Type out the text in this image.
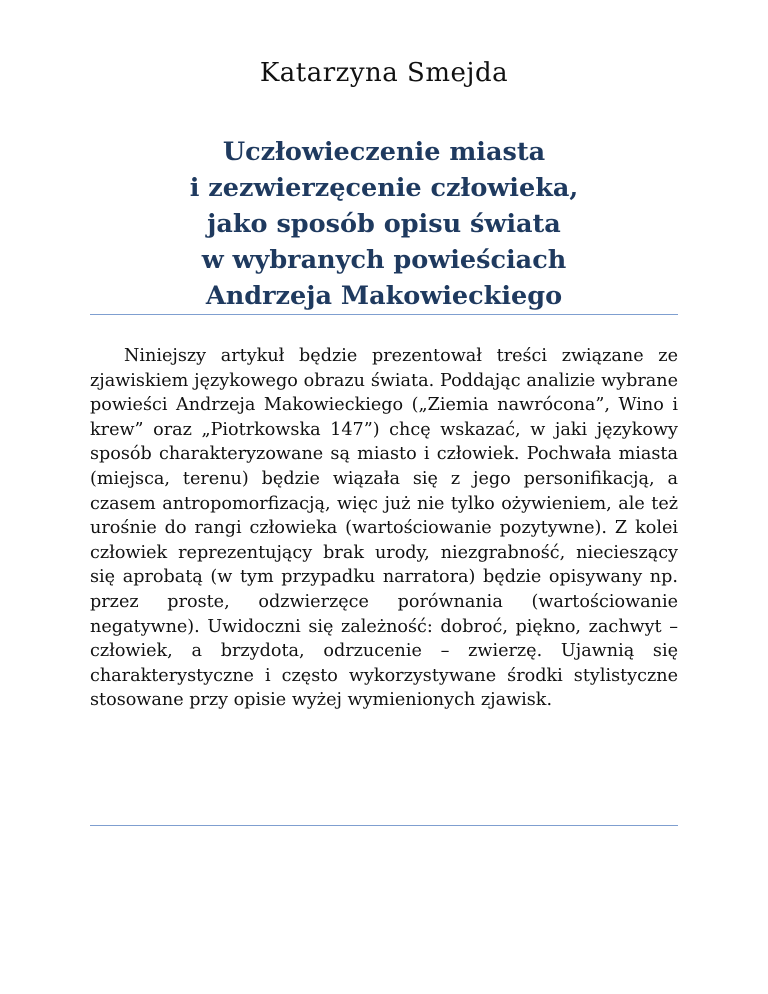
Katarzyna Smejda

Uczłowieczenie miasta
i zezwierzęcenie człowieka,
jako sposób opisu świata
w wybranych powieściach
Andrzeja Makowieckiego

Niniejszy artykuł będzie prezentował treści związane ze zjawiskiem językowego obrazu świata. Poddając analizie wybrane powieści Andrzeja Makowieckiego („Ziemia nawrócona”, Wino i krew” oraz „Piotrkowska 147”) chcę wskazać, w jaki językowy sposób charakteryzowane są miasto i człowiek. Pochwała miasta (miejsca, terenu) będzie wiązała się z jego personifikacją, a czasem antropomorfizacją, więc już nie tylko ożywieniem, ale też urośnie do rangi człowieka (wartościowanie pozytywne). Z kolei człowiek reprezentujący brak urody, niezgrabność, niecieszący się aprobatą (w tym przypadku narratora) będzie opisywany np. przez proste, odzwierzęce porównania (wartościowanie negatywne). Uwidoczni się zależność: dobroć, piękno, zachwyt – człowiek, a brzydota, odrzucenie – zwierzę. Ujawnią się charakterystyczne i często wykorzystywane środki stylistyczne stosowane przy opisie wyżej wymienionych zjawisk.
